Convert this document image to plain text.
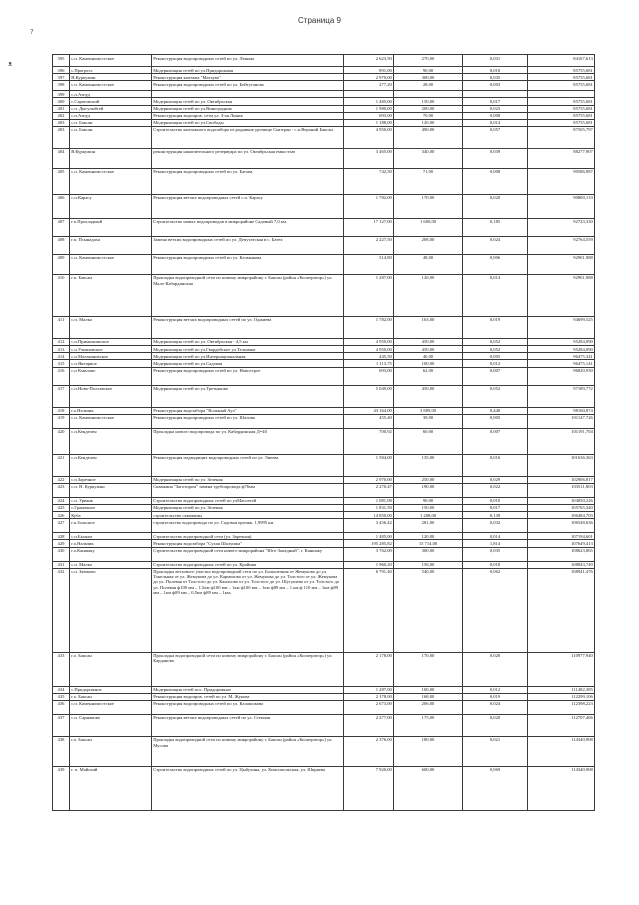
Страница 9
?
ᴥ
395	с.п. Каменномостское	Реконструкция водопроводных сетей по ул. Ленина	2 623,50	270,00	0,031	84167,613
396	с.Прогресс	Модернизация сетей по ул.Придорожная	891,00	90,00	0,010	85755,681
397	Н.Куркужин	Реконструкция каптажа "Матхуко"	2 970,00	300,00	0,035	85755,681
398	с.п. Каменномостское	Реконструкция водопроводных сетей по ул. Бейтуганова	277,20	28,00	0,003	85755,681
399	с.п.Атпуд					
400	с.Саратовский	Модернизация сетей по ул. Октябрьская	1 485,00	150,00	0,017	85755,681
401	с.п. Дыгулыбгей	Модернизация сетей по ул.Виноградная	1 980,00	200,00	0,023	85755,681
402	с.п.Атпуд	Реконструкция водопров. сетм ул. 3-ая Линия	693,00	70,00	0,008	85755,681
403	с.п. Баксан	Модернизация сетей по ул.Свободы	1 188,00	120,00	0,014	85755,681
403	с.п. Баксан	Строительство каптажного водозабора из родников урочище Сыптран - с.п.Верхний Баксан	4 950,00	490,00	0,057	87505,797
404	В.Куркужин	реконструкция накопительного резервуара по ул. Октябрьская емкостью	3 465,00	340,00	0,039	88277,907
405	с.п. Каменномостское	Реконструкция водопроводных сетей по ул. Багова	742,50	71,00	0,008	90586,987
406	с.п.Карасу	Реконструкция ветхих водопроводных сетей с.п. Карасу	1 782,00	170,00	0,020	90800,133
407	г.п.Прохладный	Строительство новых водопроводов в микрорайоне Садовый 7,0 км.	17 127,00	1 600,00	0,185	92723,330
408	г.п. Псынадаха	Замена ветхих водопроводных сетей по ул. Депутатская в с. Батех	2 227,50	208,00	0,024	92764,559
409	с.п. Каменномостское	Реконструкция водопроводных сетей по ул. Калмыкова	514,80	48,00	0,006	92901,988
410	г.п. Баксан	Прокладка водопроводной сети по новому микрорайону г. Баксан (район «Кооператор») ул. Мало-Кабардинская	1 287,00	120,00	0,014	92901,988
411	с.п. Малка	Реконструкция ветхих водопроводных сетей по ул. Оджиева	1 782,00	163,00	0,019	94699,525
412	с.п.Прималкинское	Модернизация сетей по ул. Октябрьская - 4,5 км	4 950,00	450,00	0,052	95284,090
413	с.п.Ульяновское	Модернизация сетей по ул.Гвардейское ул.Тельмана	4 950,00	450,00	0,052	95284,090
414	с.п.Малакановское	Модернизация сетей по ул.Интернациональная	445,50	40,00	0,005	96475,341
415	с.п.Янтарное	Модернизация сетей по ул.Садовая	1 113,75	100,00	0,012	96475,141
416	с.п Кмилово	Реконструкция водопроводных сетей по ул. Новострое	693,00	62,00	0,007	96820,930
417	с.п.Ново-Полтавское	Модернизация сетей по ул.Третьякова	5 049,00	450,00	0,052	97189,772
418	г.о.Нальчик	Реконструкция водозабора "Вольный Аул"	43 164,00	3 809,00	0,440	98160,874
419	с.п. Каменномостское	Реконструкция водопроводных сетей по ул. Шалова	455,40	39,00	0,005	101147,726
420	с.п.Кенделен	Прокладка нового водопровода по ул. Кабардинская Д=40	700,92	60,00	0,007	101191,704
421	с.п.Кенделен	Реконструкция подводящих водопроводных сетей по ул. Энеева	1 584,00	135,00	0,016	101636,363
422	с.п.Заречное	Модернизация сетей по ул. Зеленая	2 970,00	250,00	0,029	102906,817
423	с.п. Н. Куркужин	Скважина "Заготпром" замена трубопровода ф76мм	2 270,47	190,00	0,022	103511,803
424	с.п. Урвань	Строительство водопроводных сетей по улМасоетей	1 081,08	90,00	0,010	104050,226
425	с.Граничное	Модернизация сетей по ул. Зеленая	1 831,50	150,00	0,017	105765,340
426	Куба	строительство скважины	14 850,00	1 208,00	0,139	106484,703
427	г.п.Зольское	строительство водопровода по ул. Садовая протяж. 1,9995 км	3 456,42	281,00	0,032	106548,636
428	с.п.Былым	Строительство водопроводной сети (ул. Заречная).	1 485,00	120,00	0,014	107194,601
429	г.о.Нальчик	Реконструкция водозабора "Сухая Шалушка"	195 285,82	15 714,00	1,814	107649,413
430	г.о.Каншаку	Строительство водопроводной сети нового микрорайона "Юго-Западный", г. Каншаку	3 762,00	300,00	0,035	108623,865
431	с.п. Малка	Строительство водопроводных сетей по ул. Крайняя	1 960,20	156,00	0,018	108843,749
432	с.п. Заюково	Прокладка ветхового участка водопроводной сети по ул. Большечная от Жемукова до ул. Тонельная от ул. Жемукова до ул. Кармокова от ул. Жемукова до ул. Толстого от ул. Жемукова до ул. Полевая от Толстого до ул. Канлоова от ул. Толстого до ул. Шугушева от ул. Толстого до ул. Полевая ф100 мм – 1,5км ф100 мм – 1км ф100 мм – 1км ф89 мм – 1 км.ф 110 мм – 1км ф89 мм – 1км ф89 мм – 0,5км ф89 мм – 1км;	6 791,40	540,00	0,062	108941,476
433	г.о. Баксан	Прокладка водопроводной сети по новому микрорайону г. Баксан (район «Кооператор») ул. Карданова	2 178,00	170,00	0,020	110977,940
434	с.Придорожное	Модернизация сетей пос. Придорожное	1 287,00	100,00	0,012	111482,385
435	г.о. Баксан	Реконструкция водопров. сетей по ул. М. Жукова	2 178,00	168,00	0,019	112299,106
436	с.п. Каменномостское	Реконструкция водопроводных сетей по ул. Калашокова	2 673,00	206,00	0,024	112398,223
437	с.п. Сармаково	Реконструкция ветхих водопроводных сетей по ул. Степная	2 277,00	175,00	0,020	112707,466
438	г.о. Баксан	Прокладка водопроводной сети по новому микрорайону г. Баксан (район «Кооператор») ул. Мусова	2 376,00	180,00	0,021	114340,908
439	г. п. Майский	Строительство водопроводных сетей по ул. Цыбулина, ул. Комсомольская, ул. Ширяева	7 920,00	600,00	0,069	114340,908
